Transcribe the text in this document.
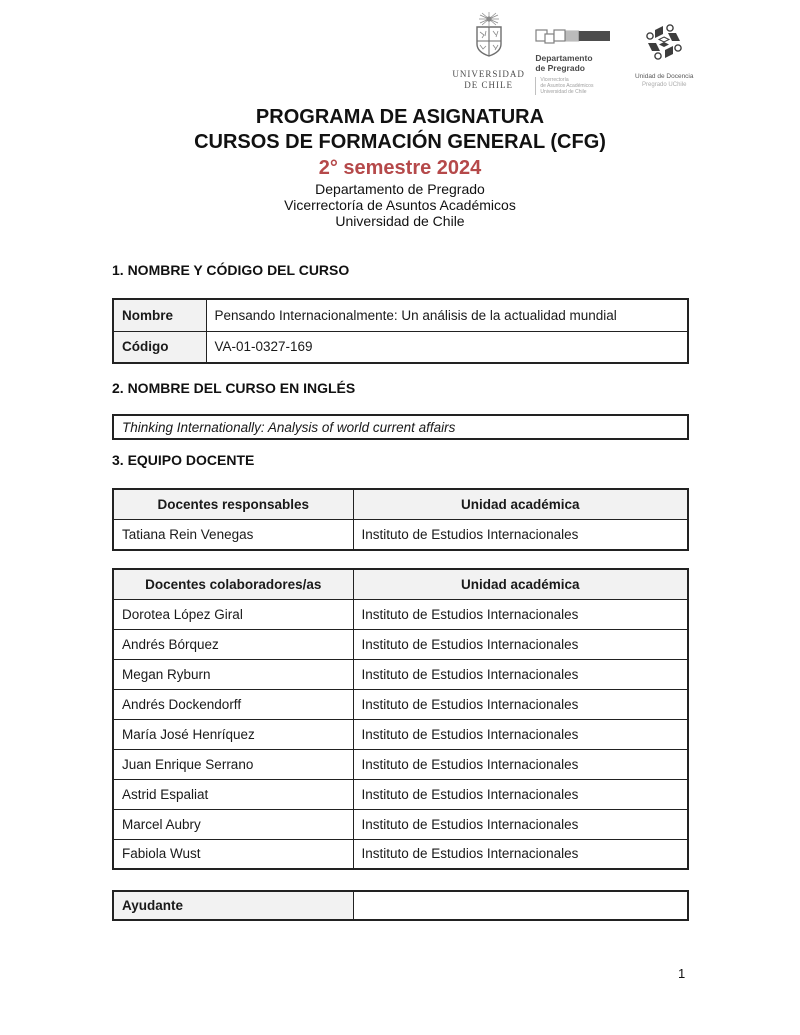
UNIVERSIDAD
DE CHILE
Departamento
de Pregrado
Vicerrectoría
de Asuntos Académicos
Universidad de Chile
Unidad de Docencia
Pregrado UChile
PROGRAMA DE ASIGNATURA
CURSOS DE FORMACIÓN GENERAL (CFG)
2° semestre 2024
Departamento de Pregrado
Vicerrectoría de Asuntos Académicos
Universidad de Chile
1. NOMBRE Y CÓDIGO DEL CURSO
Nombre	Pensando Internacionalmente: Un análisis de la actualidad mundial
Código	VA-01-0327-169
2. NOMBRE DEL CURSO EN INGLÉS
Thinking Internationally: Analysis of world current affairs
3. EQUIPO DOCENTE
Docentes responsables	Unidad académica
Tatiana Rein Venegas	Instituto de Estudios Internacionales
Docentes colaboradores/as	Unidad académica
Dorotea López Giral	Instituto de Estudios Internacionales
Andrés Bórquez	Instituto de Estudios Internacionales
Megan Ryburn	Instituto de Estudios Internacionales
Andrés Dockendorff	Instituto de Estudios Internacionales
María José Henríquez	Instituto de Estudios Internacionales
Juan Enrique Serrano	Instituto de Estudios Internacionales
Astrid Espaliat	Instituto de Estudios Internacionales
Marcel Aubry	Instituto de Estudios Internacionales
Fabiola Wust	Instituto de Estudios Internacionales
Ayudante	
1
